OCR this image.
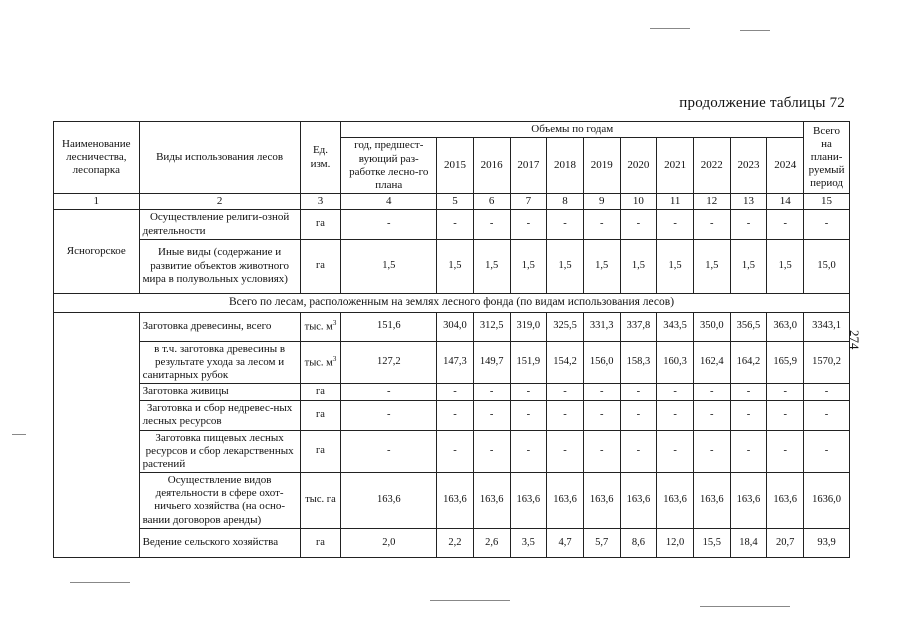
продолжение таблицы 72
274
Наименование лесничества, лесопарка	Виды использования лесов	Ед. изм.	Объемы по годам											Всего на плани-руемый период
			год, предшест-вующий раз-работке лесно-го плана	2015	2016	2017	2018	2019	2020	2021	2022	2023	2024	
1	2	3	4	5	6	7	8	9	10	11	12	13	14	15
Ясногорское	Осуществление религи-озной деятельности	га	-	-	-	-	-	-	-	-	-	-	-	-
	Иные виды (содержание и развитие объектов животного мира в полувольных условиях)	га	1,5	1,5	1,5	1,5	1,5	1,5	1,5	1,5	1,5	1,5	1,5	15,0
Всего по лесам, расположенным на землях лесного фонда (по видам использования лесов)														
	Заготовка древесины, всего	тыс. $м^3$	151,6	304,0	312,5	319,0	325,5	331,3	337,8	343,5	350,0	356,5	363,0	3343,1
	в т.ч. заготовка древесины в результате ухода за лесом и санитарных рубок	тыс. $м^3$	127,2	147,3	149,7	151,9	154,2	156,0	158,3	160,3	162,4	164,2	165,9	1570,2
	Заготовка живицы	га	-	-	-	-	-	-	-	-	-	-	-	-
	Заготовка и сбор недревес-ных лесных ресурсов	га	-	-	-	-	-	-	-	-	-	-	-	-
	Заготовка пищевых лесных ресурсов и сбор лекарственных растений	га	-	-	-	-	-	-	-	-	-	-	-	-
	Осуществление видов деятельности в сфере охот-ничьего хозяйства (на осно-вании договоров аренды)	тыс. га	163,6	163,6	163,6	163,6	163,6	163,6	163,6	163,6	163,6	163,6	163,6	1636,0
	Ведение сельского хозяйства	га	2,0	2,2	2,6	3,5	4,7	5,7	8,6	12,0	15,5	18,4	20,7	93,9
